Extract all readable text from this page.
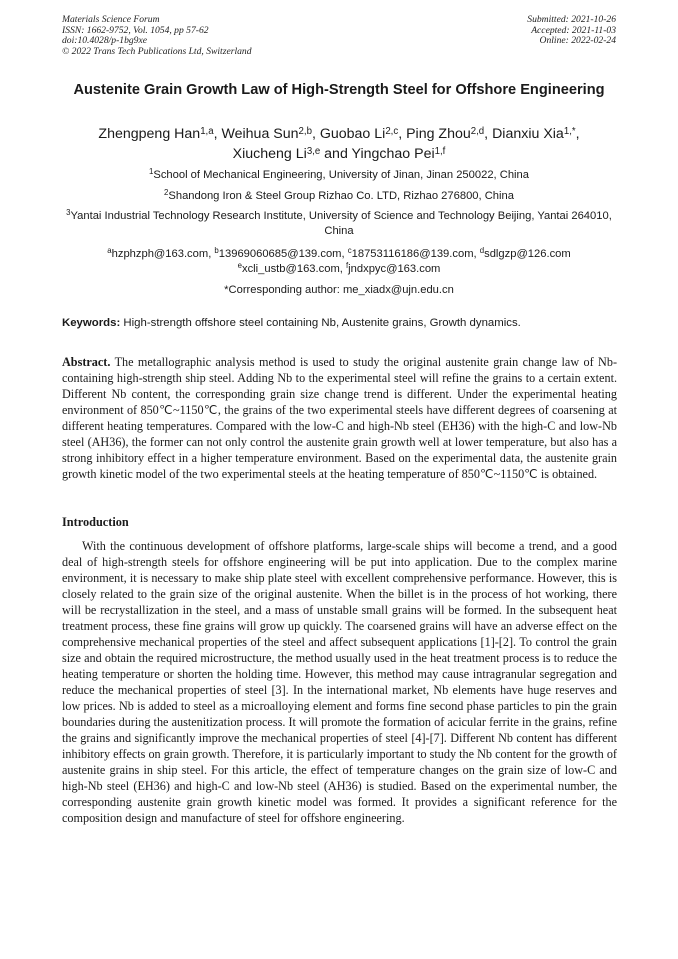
Materials Science Forum
ISSN: 1662-9752, Vol. 1054, pp 57-62
doi:10.4028/p-1bg9xe
© 2022 Trans Tech Publications Ltd, Switzerland
Submitted: 2021-10-26
Accepted: 2021-11-03
Online: 2022-02-24
Austenite Grain Growth Law of High-Strength Steel for Offshore Engineering
Zhengpeng Han$^{1,a}$, Weihua Sun$^{2,b}$, Guobao Li$^{2,c}$, Ping Zhou$^{2,d}$, Dianxiu Xia$^{1,*}$,
Xiucheng Li$^{3,e}$ and Yingchao Pei$^{1,f}$
$^1$School of Mechanical Engineering, University of Jinan, Jinan 250022, China
$^2$Shandong Iron & Steel Group Rizhao Co. LTD, Rizhao 276800, China
$^3$Yantai Industrial Technology Research Institute, University of Science and Technology Beijing, Yantai 264010, China
$^a$hzphzph@163.com, $^b$13969060685@139.com, $^c$18753116186@139.com, $^d$sdlgzp@126.com
$^e$xcli_ustb@163.com, $^f$jndxpyc@163.com
*Corresponding author: me_xiadx@ujn.edu.cn
Keywords: High-strength offshore steel containing Nb, Austenite grains, Growth dynamics.
Abstract. The metallographic analysis method is used to study the original austenite grain change law of Nb-containing high-strength ship steel. Adding Nb to the experimental steel will refine the grains to a certain extent. Different Nb content, the corresponding grain size change trend is different. Under the experimental heating environment of 850℃~1150℃, the grains of the two experimental steels have different degrees of coarsening at different heating temperatures. Compared with the low-C and high-Nb steel (EH36) with the high-C and low-Nb steel (AH36), the former can not only control the austenite grain growth well at lower temperature, but also has a strong inhibitory effect in a higher temperature environment. Based on the experimental data, the austenite grain growth kinetic model of the two experimental steels at the heating temperature of 850℃~1150℃ is obtained.
Introduction

With the continuous development of offshore platforms, large-scale ships will become a trend, and a good deal of high-strength steels for offshore engineering will be put into application. Due to the complex marine environment, it is necessary to make ship plate steel with excellent comprehensive performance. However, this is closely related to the grain size of the original austenite. When the billet is in the process of hot working, there will be recrystallization in the steel, and a mass of unstable small grains will be formed. In the subsequent heat treatment process, these fine grains will grow up quickly. The coarsened grains will have an adverse effect on the comprehensive mechanical properties of the steel and affect subsequent applications [1]-[2]. To control the grain size and obtain the required microstructure, the method usually used in the heat treatment process is to reduce the heating temperature or shorten the holding time. However, this method may cause intragranular segregation and reduce the mechanical properties of steel [3]. In the international market, Nb elements have huge reserves and low prices. Nb is added to steel as a microalloying element and forms fine second phase particles to pin the grain boundaries during the austenitization process. It will promote the formation of acicular ferrite in the grains, refine the grains and significantly improve the mechanical properties of steel [4]-[7]. Different Nb content has different inhibitory effects on grain growth. Therefore, it is particularly important to study the Nb content for the growth of austenite grains in ship steel. For this article, the effect of temperature changes on the grain size of low-C and high-Nb steel (EH36) and high-C and low-Nb steel (AH36) is studied. Based on the experimental number, the corresponding austenite grain growth kinetic model was formed. It provides a significant reference for the composition design and manufacture of steel for offshore engineering.
